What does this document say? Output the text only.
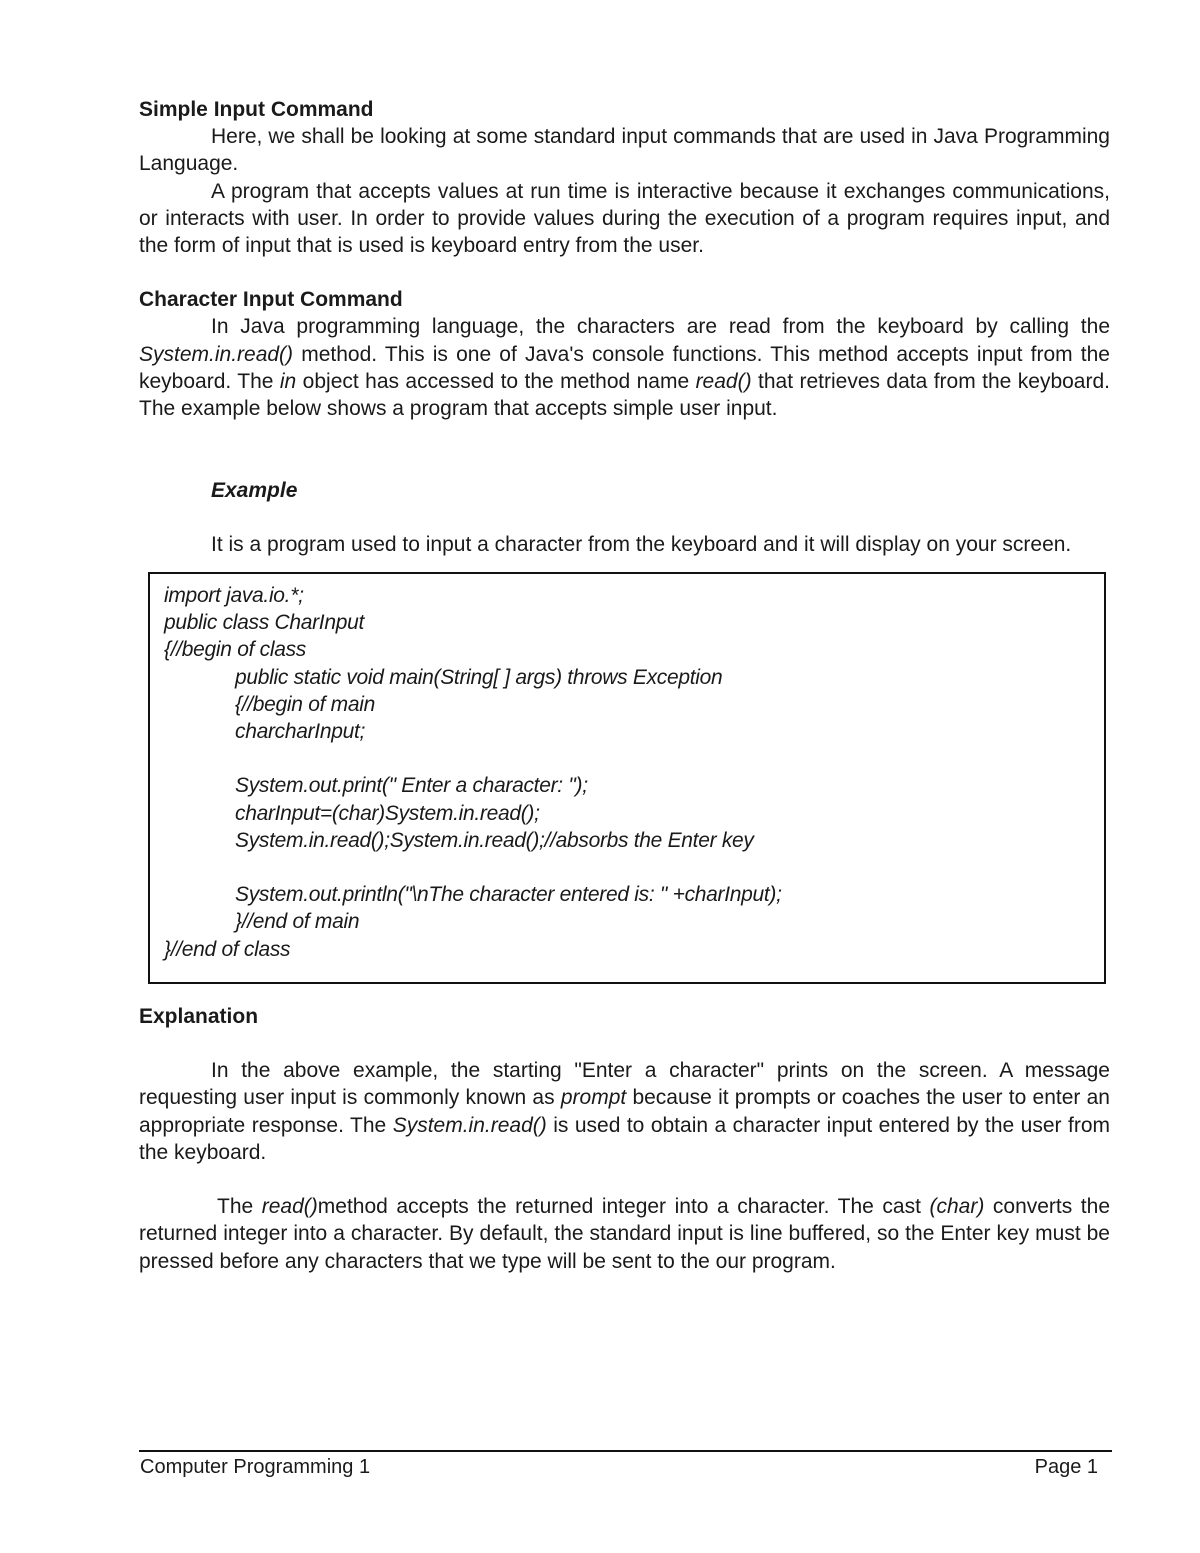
Simple Input Command

Here, we shall be looking at some standard input commands that are used in Java Programming Language.

A program that accepts values at run time is interactive because it exchanges communications, or interacts with user. In order to provide values during the execution of a program requires input, and the form of input that is used is keyboard entry from the user.

Character Input Command

In Java programming language, the characters are read from the keyboard by calling the System.in.read() method. This is one of Java's console functions. This method accepts input from the keyboard. The in object has accessed to the method name read() that retrieves data from the keyboard. The example below shows a program that accepts simple user input.

Example

It is a program used to input a character from the keyboard and it will display on your screen.

import java.io.*;

public class CharInput

{//begin of class

public static void main(String[ ] args) throws Exception

{//begin of main

charcharInput;

System.out.print(" Enter a character: ");

charInput=(char)System.in.read();

System.in.read();System.in.read();//absorbs the Enter key

System.out.println("\nThe character entered is: " +charInput);

}//end of main

}//end of class

Explanation

In the above example, the starting "Enter a character" prints on the screen. A message requesting user input is commonly known as prompt because it prompts or coaches the user to enter an appropriate response. The System.in.read() is used to obtain a character input entered by the user from the keyboard.

The read()method accepts the returned integer into a character. The cast (char) converts the returned integer into a character. By default, the standard input is line buffered, so the Enter key must be pressed before any characters that we type will be sent to the our program.

Computer Programming 1	Page 1
